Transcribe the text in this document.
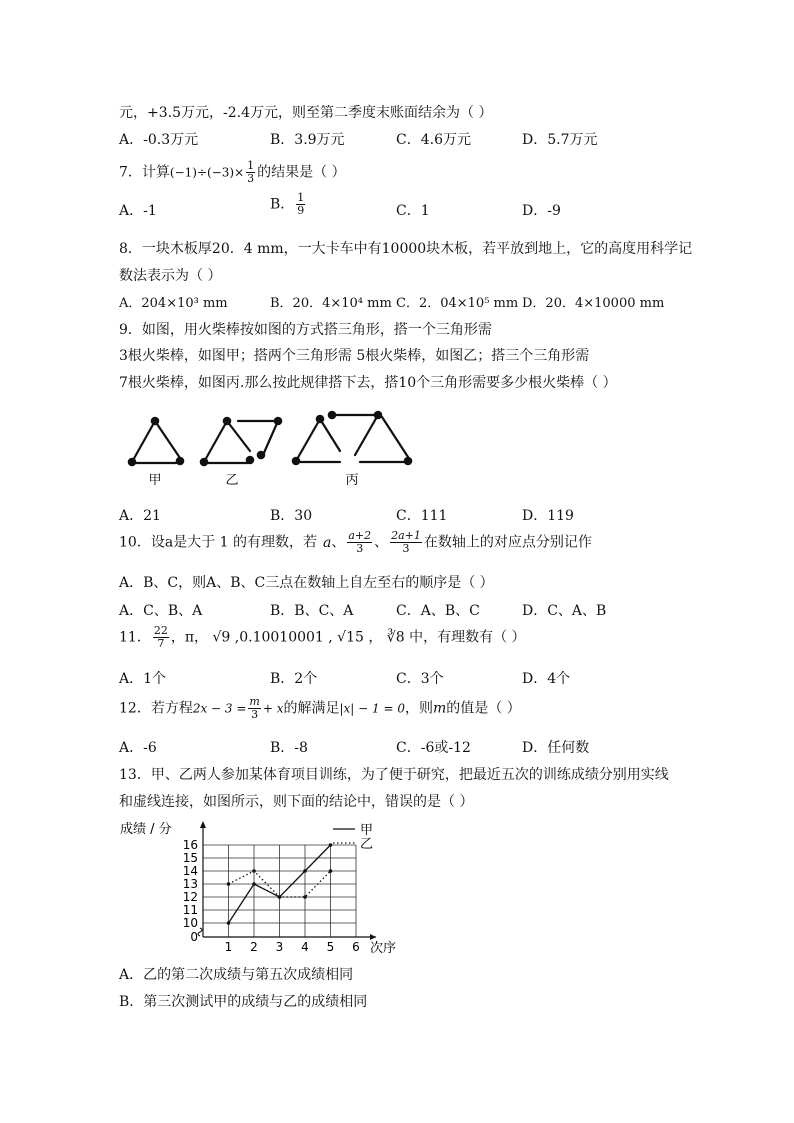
元，+3.5万元，-2.4万元，则至第二季度末账面结余为（ ）
A．-0.3万元	B．3.9万元	C．4.6万元	D．5.7万元
7．计算$(-1)\div(-3)\times \frac{1}{3}$ 的结果是（ ）
A．-1	B． $\frac{1}{9}$	C．1	D．-9
8．一块木板厚20．4 mm，一大卡车中有10000块木板，若平放到地上，它的高度用科学记
数法表示为（ ）
A．204×10³ mm	B．20．4×10⁴ mm C．2．04×10⁵ mm D．20．4×10000 mm
9．如图，用火柴棒按如图的方式搭三角形，搭一个三角形需
3根火柴棒，如图甲；搭两个三角形需 5根火柴棒，如图乙；搭三个三角形需
7根火柴棒，如图丙.那么按此规律搭下去，搭10个三角形需要多少根火柴棒（ ）
甲	乙	丙
A．21	B．30	C．111	D．119
10．设a是大于 1 的有理数，若 a、 $\frac{a+2}{3}$ 、 $\frac{2a+1}{3}$ 在数轴上的对应点分别记作
A．B、C，则A、B、C三点在数轴上自左至右的顺序是（ ）
A．C、B、A	B．B、C、A	C．A、B、C	D．C、A、B
11． $\frac{22}{7}$ ，π， √9 ,0.10010001 , √15 ， ∛8 中，有理数有（ ）
A．1个	B．2个	C．3个	D．4个
12．若方程$2x - 3 = \frac{m}{3} + x$的解满足|x| − 1 = 0，则m的值是（ ）
A．-6	B．-8	C．-6或-12	D．任何数
13．甲、乙两人参加某体育项目训练，为了便于研究，把最近五次的训练成绩分别用实线
和虚线连接，如图所示，则下面的结论中，错误的是（ ）
0
10
11
12
13
14
15
16
1 2 3 4 5 6 次序
成绩 / 分	甲
乙
A．乙的第二次成绩与第五次成绩相同
B．第三次测试甲的成绩与乙的成绩相同
